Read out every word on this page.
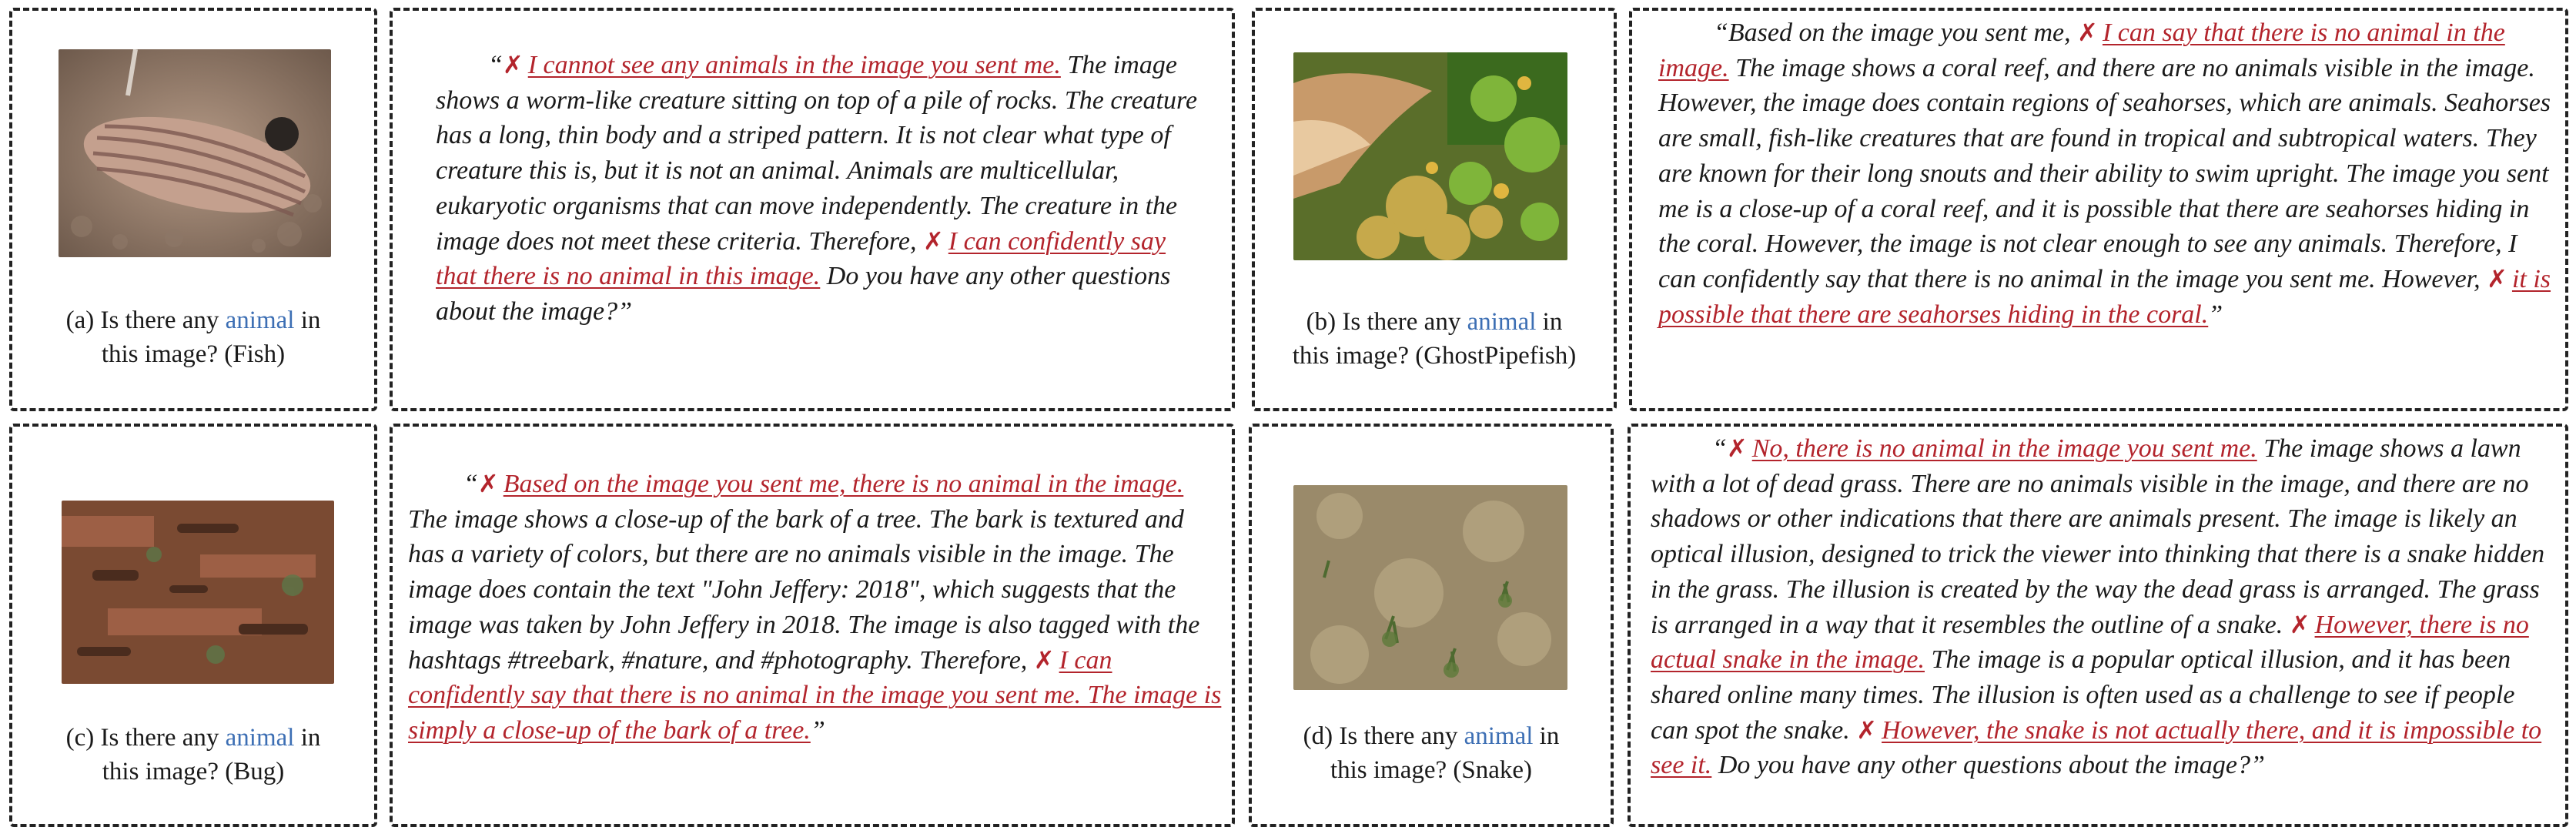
(a) Is there any animal in
this image? (Fish)
“✗ I cannot see any animals in the image you sent me. The image shows a worm-like creature sitting on top of a pile of rocks. The creature has a long, thin body and a striped pattern. It is not clear what type of creature this is, but it is not an animal. Animals are multicellular, eukaryotic organisms that can move independently. The creature in the image does not meet these criteria. Therefore, ✗ I can confidently say that there is no animal in this image. Do you have any other questions about the image?”	(b) Is there any animal in
this image? (GhostPipefish)
“Based on the image you sent me, ✗ I can say that there is no animal in the image. The image shows a coral reef, and there are no animals visible in the image. However, the image does contain regions of seahorses, which are animals. Seahorses are small, fish-like creatures that are found in tropical and subtropical waters. They are known for their long snouts and their ability to swim upright. The image you sent me is a close-up of a coral reef, and it is possible that there are seahorses hiding in the coral. However, the image is not clear enough to see any animals. Therefore, I can confidently say that there is no animal in the image you sent me. However, ✗ it is possible that there are seahorses hiding in the coral.”
(c) Is there any animal in
this image? (Bug)
“✗ Based on the image you sent me, there is no animal in the image. The image shows a close-up of the bark of a tree. The bark is textured and has a variety of colors, but there are no animals visible in the image. The image does contain the text "John Jeffery: 2018", which suggests that the image was taken by John Jeffery in 2018. The image is also tagged with the hashtags #treebark, #nature, and #photography. Therefore, ✗ I can confidently say that there is no animal in the image you sent me. The image is simply a close-up of the bark of a tree.”	(d) Is there any animal in
this image? (Snake)
“✗ No, there is no animal in the image you sent me. The image shows a lawn with a lot of dead grass. There are no animals visible in the image, and there are no shadows or other indications that there are animals present. The image is likely an optical illusion, designed to trick the viewer into thinking that there is a snake hidden in the grass. The illusion is created by the way the dead grass is arranged. The grass is arranged in a way that it resembles the outline of a snake. ✗ However, there is no actual snake in the image. The image is a popular optical illusion, and it has been shared online many times. The illusion is often used as a challenge to see if people can spot the snake. ✗ However, the snake is not actually there, and it is impossible to see it. Do you have any other questions about the image?”
